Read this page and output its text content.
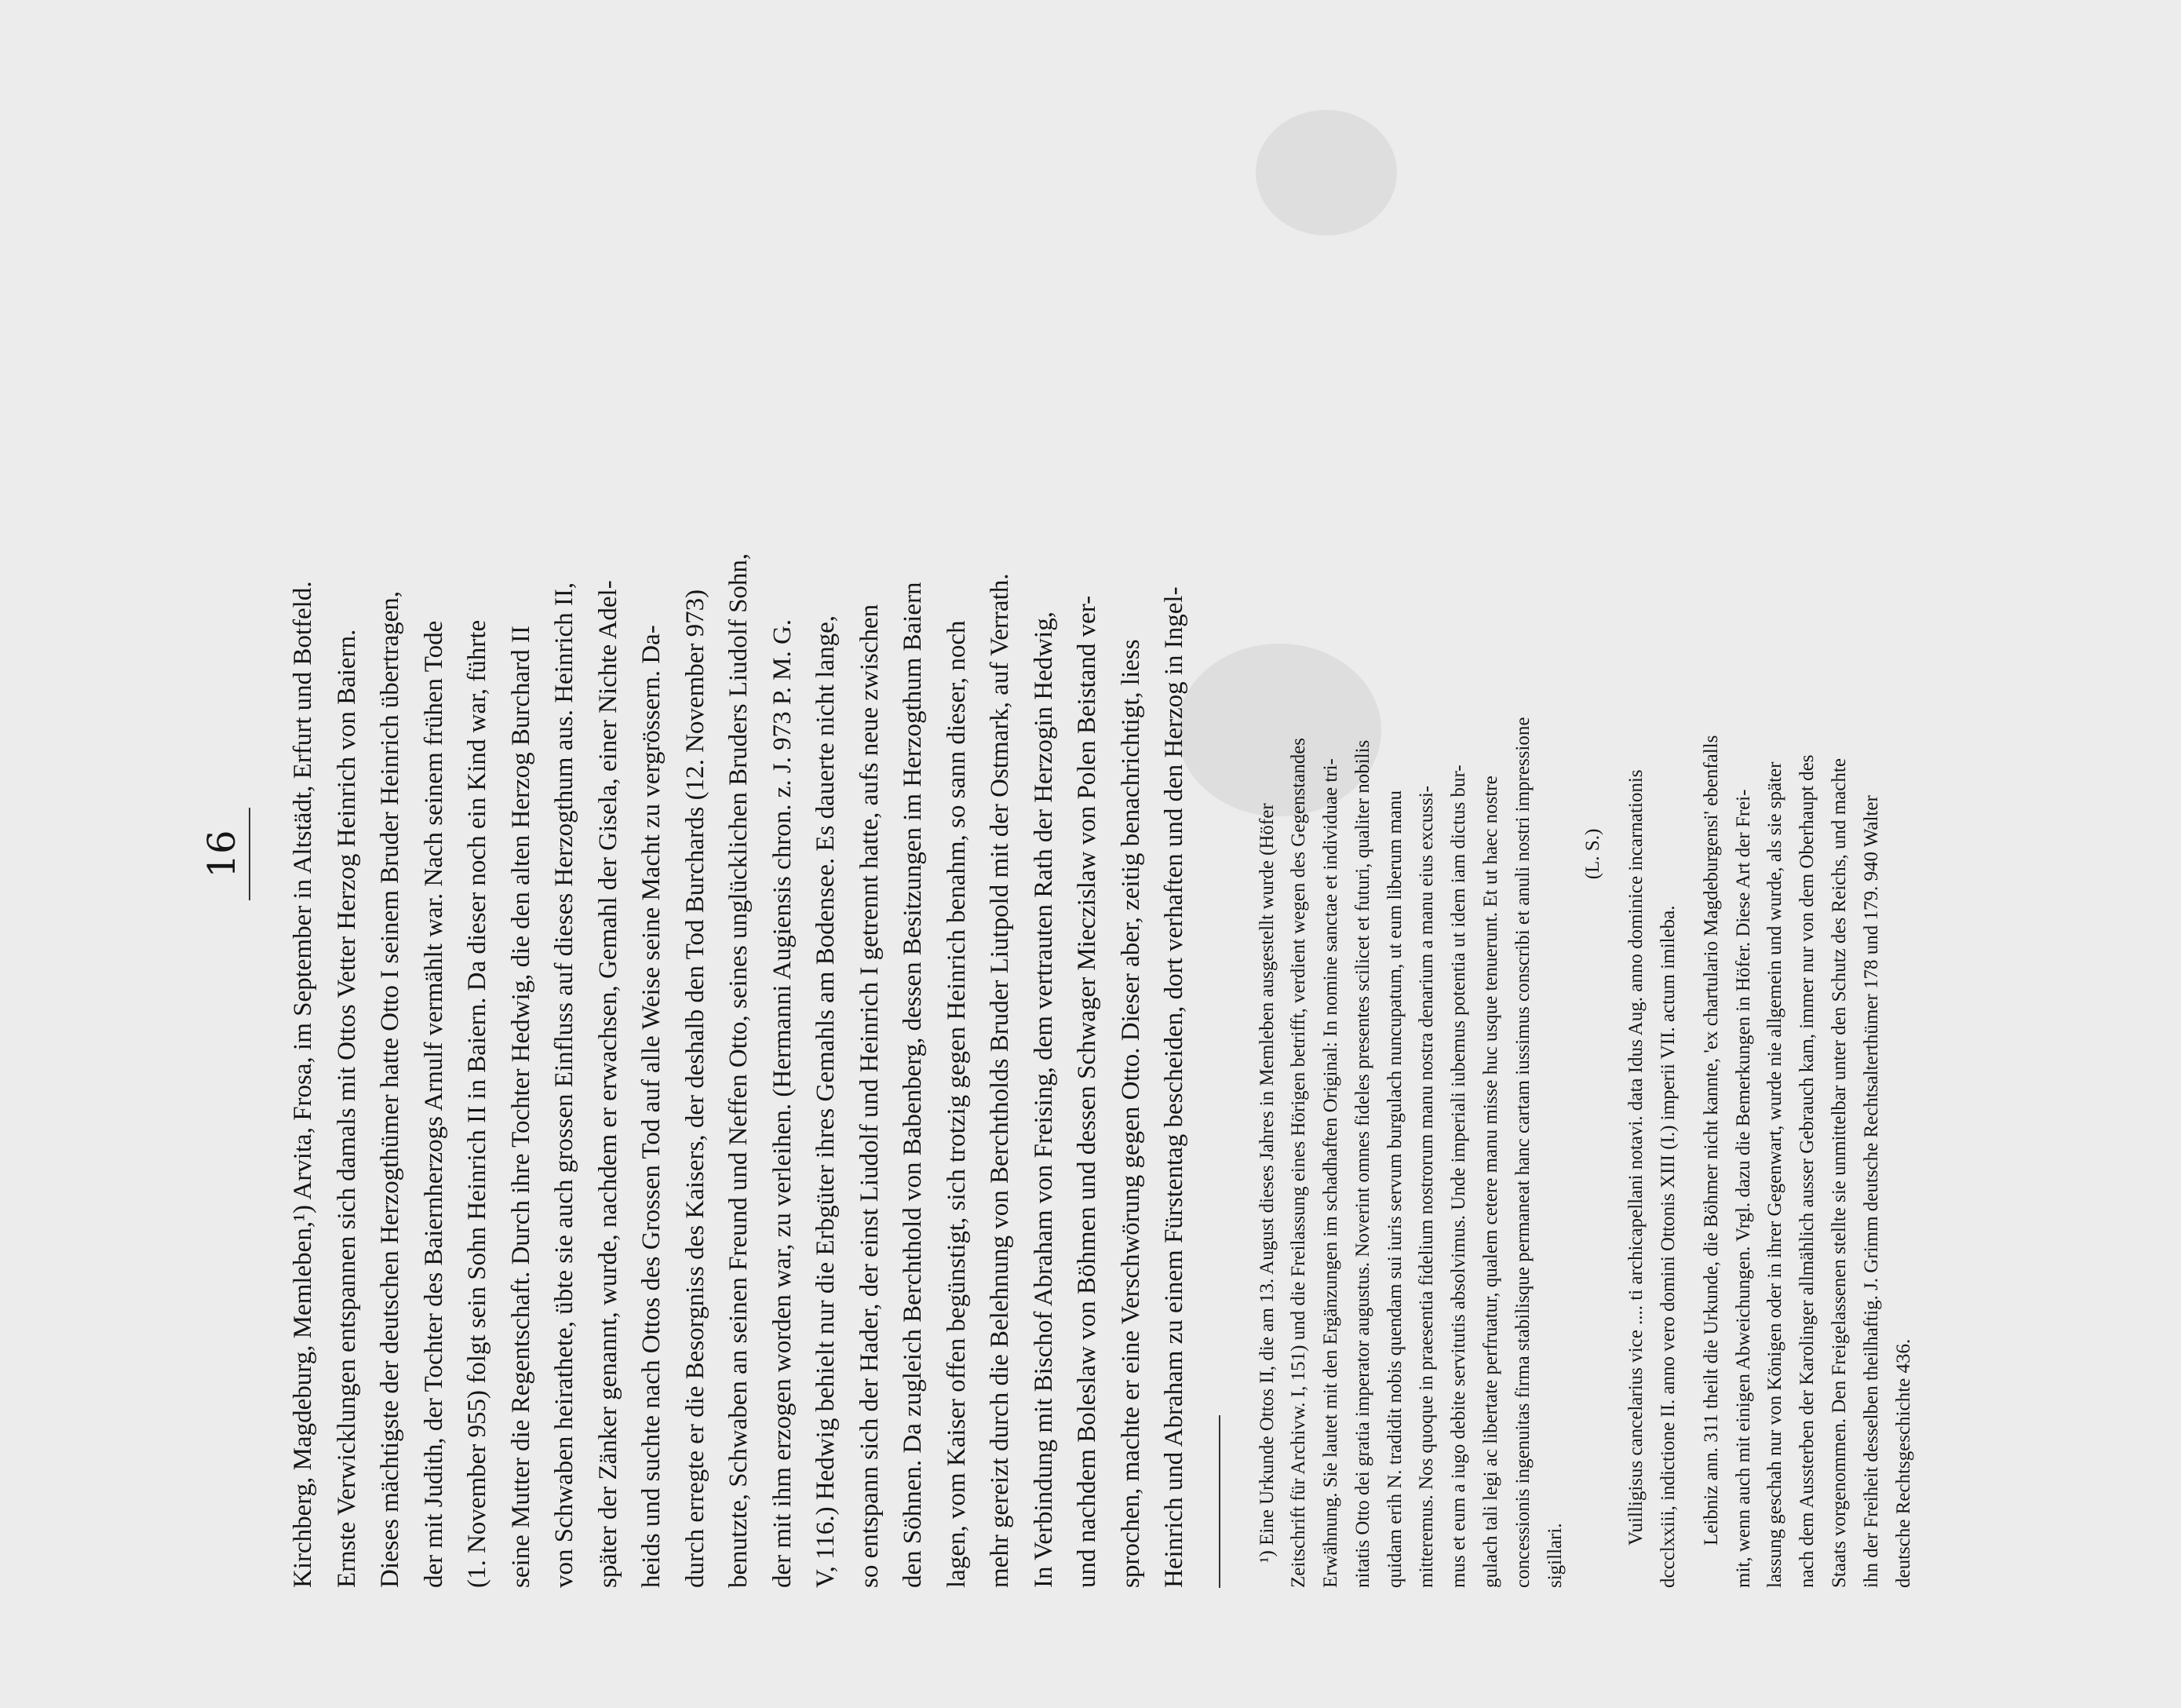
16 Kirchberg, Magdeburg, Memleben,¹) Arvita, Frosa, im September in Altstädt, Erfurt und Botfeld. Ernste Verwicklungen entspannen sich damals mit Ottos Vetter Herzog Heinrich von Baiern. Dieses mächtigste der deutschen Herzogthümer hatte Otto I seinem Bruder Heinrich übertragen, der mit Judith, der Tochter des Baiernherzogs Arnulf vermählt war. Nach seinem frühen Tode (1. November 955) folgt sein Sohn Heinrich II in Baiern. Da dieser noch ein Kind war, führte seine Mutter die Regentschaft. Durch ihre Tochter Hedwig, die den alten Herzog Burchard II von Schwaben heirathete, übte sie auch grossen Einfluss auf dieses Herzogthum aus. Heinrich II, später der Zänker genannt, wurde, nachdem er erwachsen, Gemahl der Gisela, einer Nichte Adel- heids und suchte nach Ottos des Grossen Tod auf alle Weise seine Macht zu vergrössern. Da- durch erregte er die Besorgniss des Kaisers, der deshalb den Tod Burchards (12. November 973) benutzte, Schwaben an seinen Freund und Neffen Otto, seines unglücklichen Bruders Liudolf Sohn, der mit ihm erzogen worden war, zu verleihen. (Hermanni Augiensis chron. z. J. 973 P. M. G. V, 116.) Hedwig behielt nur die Erbgüter ihres Gemahls am Bodensee. Es dauerte nicht lange, so entspann sich der Hader, der einst Liudolf und Heinrich I getrennt hatte, aufs neue zwischen den Söhnen. Da zugleich Berchthold von Babenberg, dessen Besitzungen im Herzogthum Baiern lagen, vom Kaiser offen begünstigt, sich trotzig gegen Heinrich benahm, so sann dieser, noch mehr gereizt durch die Belehnung von Berchtholds Bruder Liutpold mit der Ostmark, auf Verrath. In Verbindung mit Bischof Abraham von Freising, dem vertrauten Rath der Herzogin Hedwig, und nachdem Boleslaw von Böhmen und dessen Schwager Mieczislaw von Polen Beistand ver- sprochen, machte er eine Verschwörung gegen Otto. Dieser aber, zeitig benachrichtigt, liess Heinrich und Abraham zu einem Fürstentag bescheiden, dort verhaften und den Herzog in Ingel-	¹) Eine Urkunde Ottos II, die am 13. August dieses Jahres in Memleben ausgestellt wurde (Höfer Zeitschrift für Archivw. I, 151) und die Freilassung eines Hörigen betrifft, verdient wegen des Gegenstandes Erwähnung. Sie lautet mit den Ergänzungen im schadhaften Original: In nomine sanctae et individuae tri- nitatis Otto dei gratia imperator augustus. Noverint omnes fideles presentes scilicet et futuri, qualiter nobilis quidam erih N. tradidit nobis quendam sui iuris servum burgulach nuncupatum, ut eum liberum manu mitteremus. Nos quoque in praesentia fidelium nostrorum manu nostra denarium a manu eius excussi- mus et eum a iugo debite servitutis absolvimus. Unde imperiali iubemus potentia ut idem iam dictus bur- gulach tali legi ac libertate perfruatur, qualem cetere manu misse huc usque tenuerunt. Et ut haec nostre concessionis ingenuitas firma stabilisque permaneat hanc cartam iussimus conscribi et anuli nostri impressione sigillari.

(L. S.)	Vuilligisus cancelarius vice .... ti archicapellani notavi. data Idus Aug. anno dominice incarnationis dccclxxiii, indictione II. anno vero domini Ottonis XIII (I.) imperii VII. actum imileba.	Leibniz ann. 311 theilt die Urkunde, die Böhmer nicht kannte, 'ex chartulario Magdeburgensi' ebenfalls mit, wenn auch mit einigen Abweichungen. Vrgl. dazu die Bemerkungen in Höfer. Diese Art der Frei- lassung geschah nur von Königen oder in ihrer Gegenwart, wurde nie allgemein und wurde, als sie später nach dem Aussterben der Karolinger allmählich ausser Gebrauch kam, immer nur von dem Oberhaupt des Staats vorgenommen. Den Freigelassenen stellte sie unmittelbar unter den Schutz des Reichs, und machte ihn der Freiheit desselben theilhaftig. J. Grimm deutsche Rechtsalterthümer 178 und 179. 940 Walter deutsche Rechtsgeschichte 436.
